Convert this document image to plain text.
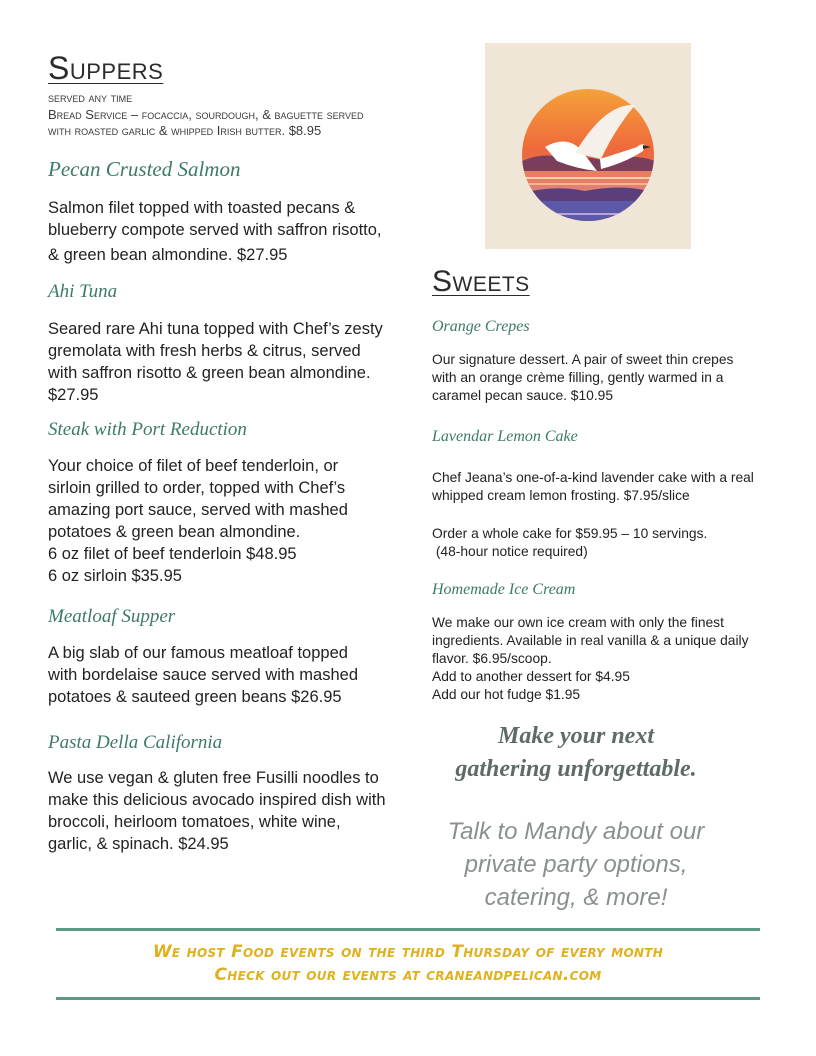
Suppers
served any time
Bread Service – focaccia, sourdough, & baguette served
with roasted garlic & whipped Irish butter. $8.95
Pecan Crusted Salmon
Salmon filet topped with toasted pecans &
blueberry compote served with saffron risotto,
& green bean almondine. $27.95
Ahi Tuna
Seared rare Ahi tuna topped with Chef’s zesty
gremolata with fresh herbs & citrus, served
with saffron risotto & green bean almondine.
$27.95
Steak with Port Reduction
Your choice of filet of beef tenderloin, or
sirloin grilled to order, topped with Chef’s
amazing port sauce, served with mashed
potatoes & green bean almondine.
6 oz filet of beef tenderloin $48.95
6 oz sirloin $35.95
Meatloaf Supper
A big slab of our famous meatloaf topped
with bordelaise sauce served with mashed
potatoes & sauteed green beans $26.95
Pasta Della California
We use vegan & gluten free Fusilli noodles to
make this delicious avocado inspired dish with
broccoli, heirloom tomatoes, white wine,
garlic, & spinach. $24.95
Sweets
Orange Crepes
Our signature dessert. A pair of sweet thin crepes
with an orange crème filling, gently warmed in a
caramel pecan sauce. $10.95
Lavendar Lemon Cake
Chef Jeana’s one-of-a-kind lavender cake with a real
whipped cream lemon frosting. $7.95/slice
Order a whole cake for $59.95 – 10 servings.
(48-hour notice required)
Homemade Ice Cream
We make our own ice cream with only the finest
ingredients. Available in real vanilla & a unique daily
flavor. $6.95/scoop.
Add to another dessert for $4.95
Add our hot fudge $1.95
Make your next
gathering unforgettable.
Talk to Mandy about our
private party options,
catering, & more!
We host Food events on the third Thursday of every month
Check out our events at craneandpelican.com
